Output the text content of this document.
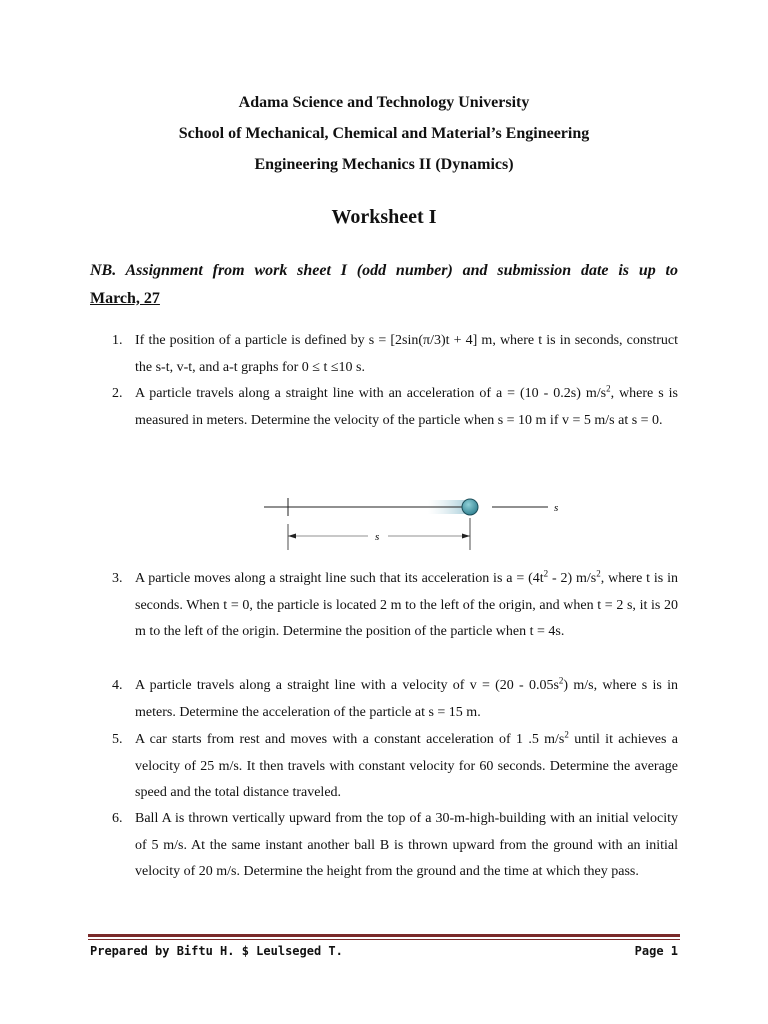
Adama Science and Technology University
School of Mechanical, Chemical and Material’s Engineering
Engineering Mechanics II (Dynamics)
Worksheet I
NB. Assignment from work sheet I (odd number) and submission date is up to
March, 27
1. If the position of a particle is defined by s = [2sin(π/3)t + 4] m, where t is in seconds, construct the s-t, v-t, and a-t graphs for 0 ≤ t ≤10 s.
2. A particle travels along a straight line with an acceleration of a = (10 - 0.2s) $m/s^2$, where s is measured in meters. Determine the velocity of the particle when s = 10 m if v = 5 m/s at s = 0.
s
s
3. A particle moves along a straight line such that its acceleration is $a = (4t^2 - 2)$ $m/s^2$, where t is in seconds. When t = 0, the particle is located 2 m to the left of the origin, and when t = 2 s, it is 20 m to the left of the origin. Determine the position of the particle when t = 4s.
4. A particle travels along a straight line with a velocity of $v = (20 - 0.05s^2)$ m/s, where s is in meters. Determine the acceleration of the particle at s = 15 m.
5. A car starts from rest and moves with a constant acceleration of 1 .5 $m/s^2$ until it achieves a velocity of 25 m/s. It then travels with constant velocity for 60 seconds. Determine the average speed and the total distance traveled.
6. Ball A is thrown vertically upward from the top of a 30-m-high-building with an initial velocity of 5 m/s. At the same instant another ball B is thrown upward from the ground with an initial velocity of 20 m/s. Determine the height from the ground and the time at which they pass.
Prepared by Biftu H. $ Leulseged T.	Page 1
